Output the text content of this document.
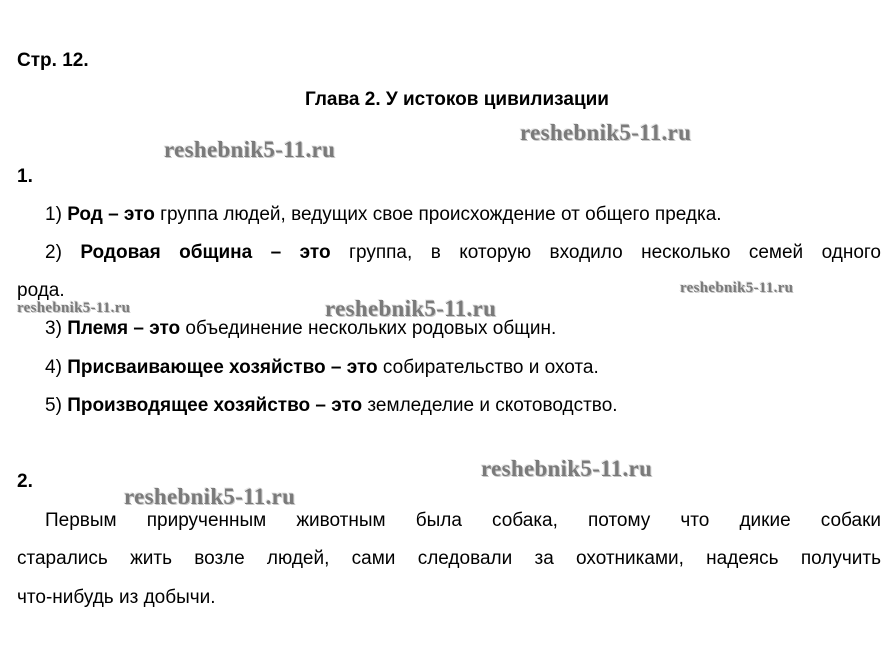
Стр. 12.
Глава 2. У истоков цивилизации
1.
1) Род – это группа людей, ведущих свое происхождение от общего предка.
2) Родовая община – это группа, в которую входило несколько семей одного
рода.
3) Племя – это объединение нескольких родовых общин.
4) Присваивающее хозяйство – это собирательство и охота.
5) Производящее хозяйство – это земледелие и скотоводство.
2.
Первым прирученным животным была собака, потому что дикие собаки
старались жить возле людей, сами следовали за охотниками, надеясь получить
что-нибудь из добычи.
reshebnik5-11.ru
reshebnik5-11.ru
reshebnik5-11.ru
reshebnik5-11.ru	reshebnik5-11.ru
reshebnik5-11.ru
reshebnik5-11.ru
